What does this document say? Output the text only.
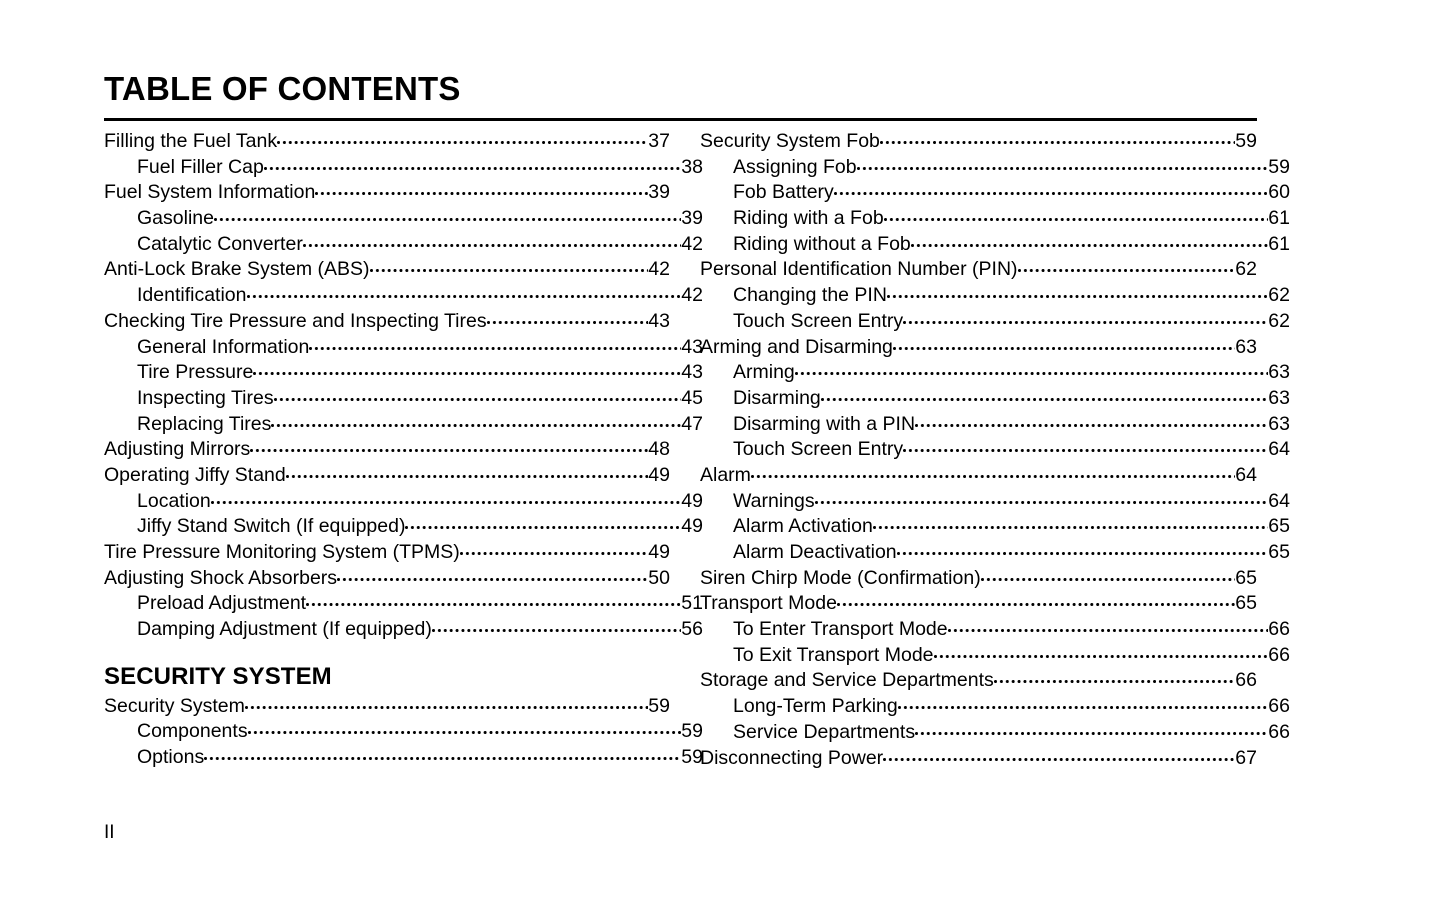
TABLE OF CONTENTS
Filling the Fuel Tank	37
Fuel Filler Cap	38
Fuel System Information	39
Gasoline	39
Catalytic Converter	42
Anti-Lock Brake System (ABS)	42
Identification	42
Checking Tire Pressure and Inspecting Tires	43
General Information	43
Tire Pressure	43
Inspecting Tires	45
Replacing Tires	47
Adjusting Mirrors	48
Operating Jiffy Stand	49
Location	49
Jiffy Stand Switch (If equipped)	49
Tire Pressure Monitoring System (TPMS)	49
Adjusting Shock Absorbers	50
Preload Adjustment	51
Damping Adjustment (If equipped)	56
SECURITY SYSTEM
Security System	59
Components	59
Options	59
Security System Fob	59
Assigning Fob	59
Fob Battery	60
Riding with a Fob	61
Riding without a Fob	61
Personal Identification Number (PIN)	62
Changing the PIN	62
Touch Screen Entry	62
Arming and Disarming	63
Arming	63
Disarming	63
Disarming with a PIN	63
Touch Screen Entry	64
Alarm	64
Warnings	64
Alarm Activation	65
Alarm Deactivation	65
Siren Chirp Mode (Confirmation)	65
Transport Mode	65
To Enter Transport Mode	66
To Exit Transport Mode	66
Storage and Service Departments	66
Long-Term Parking	66
Service Departments	66
Disconnecting Power	67
II
